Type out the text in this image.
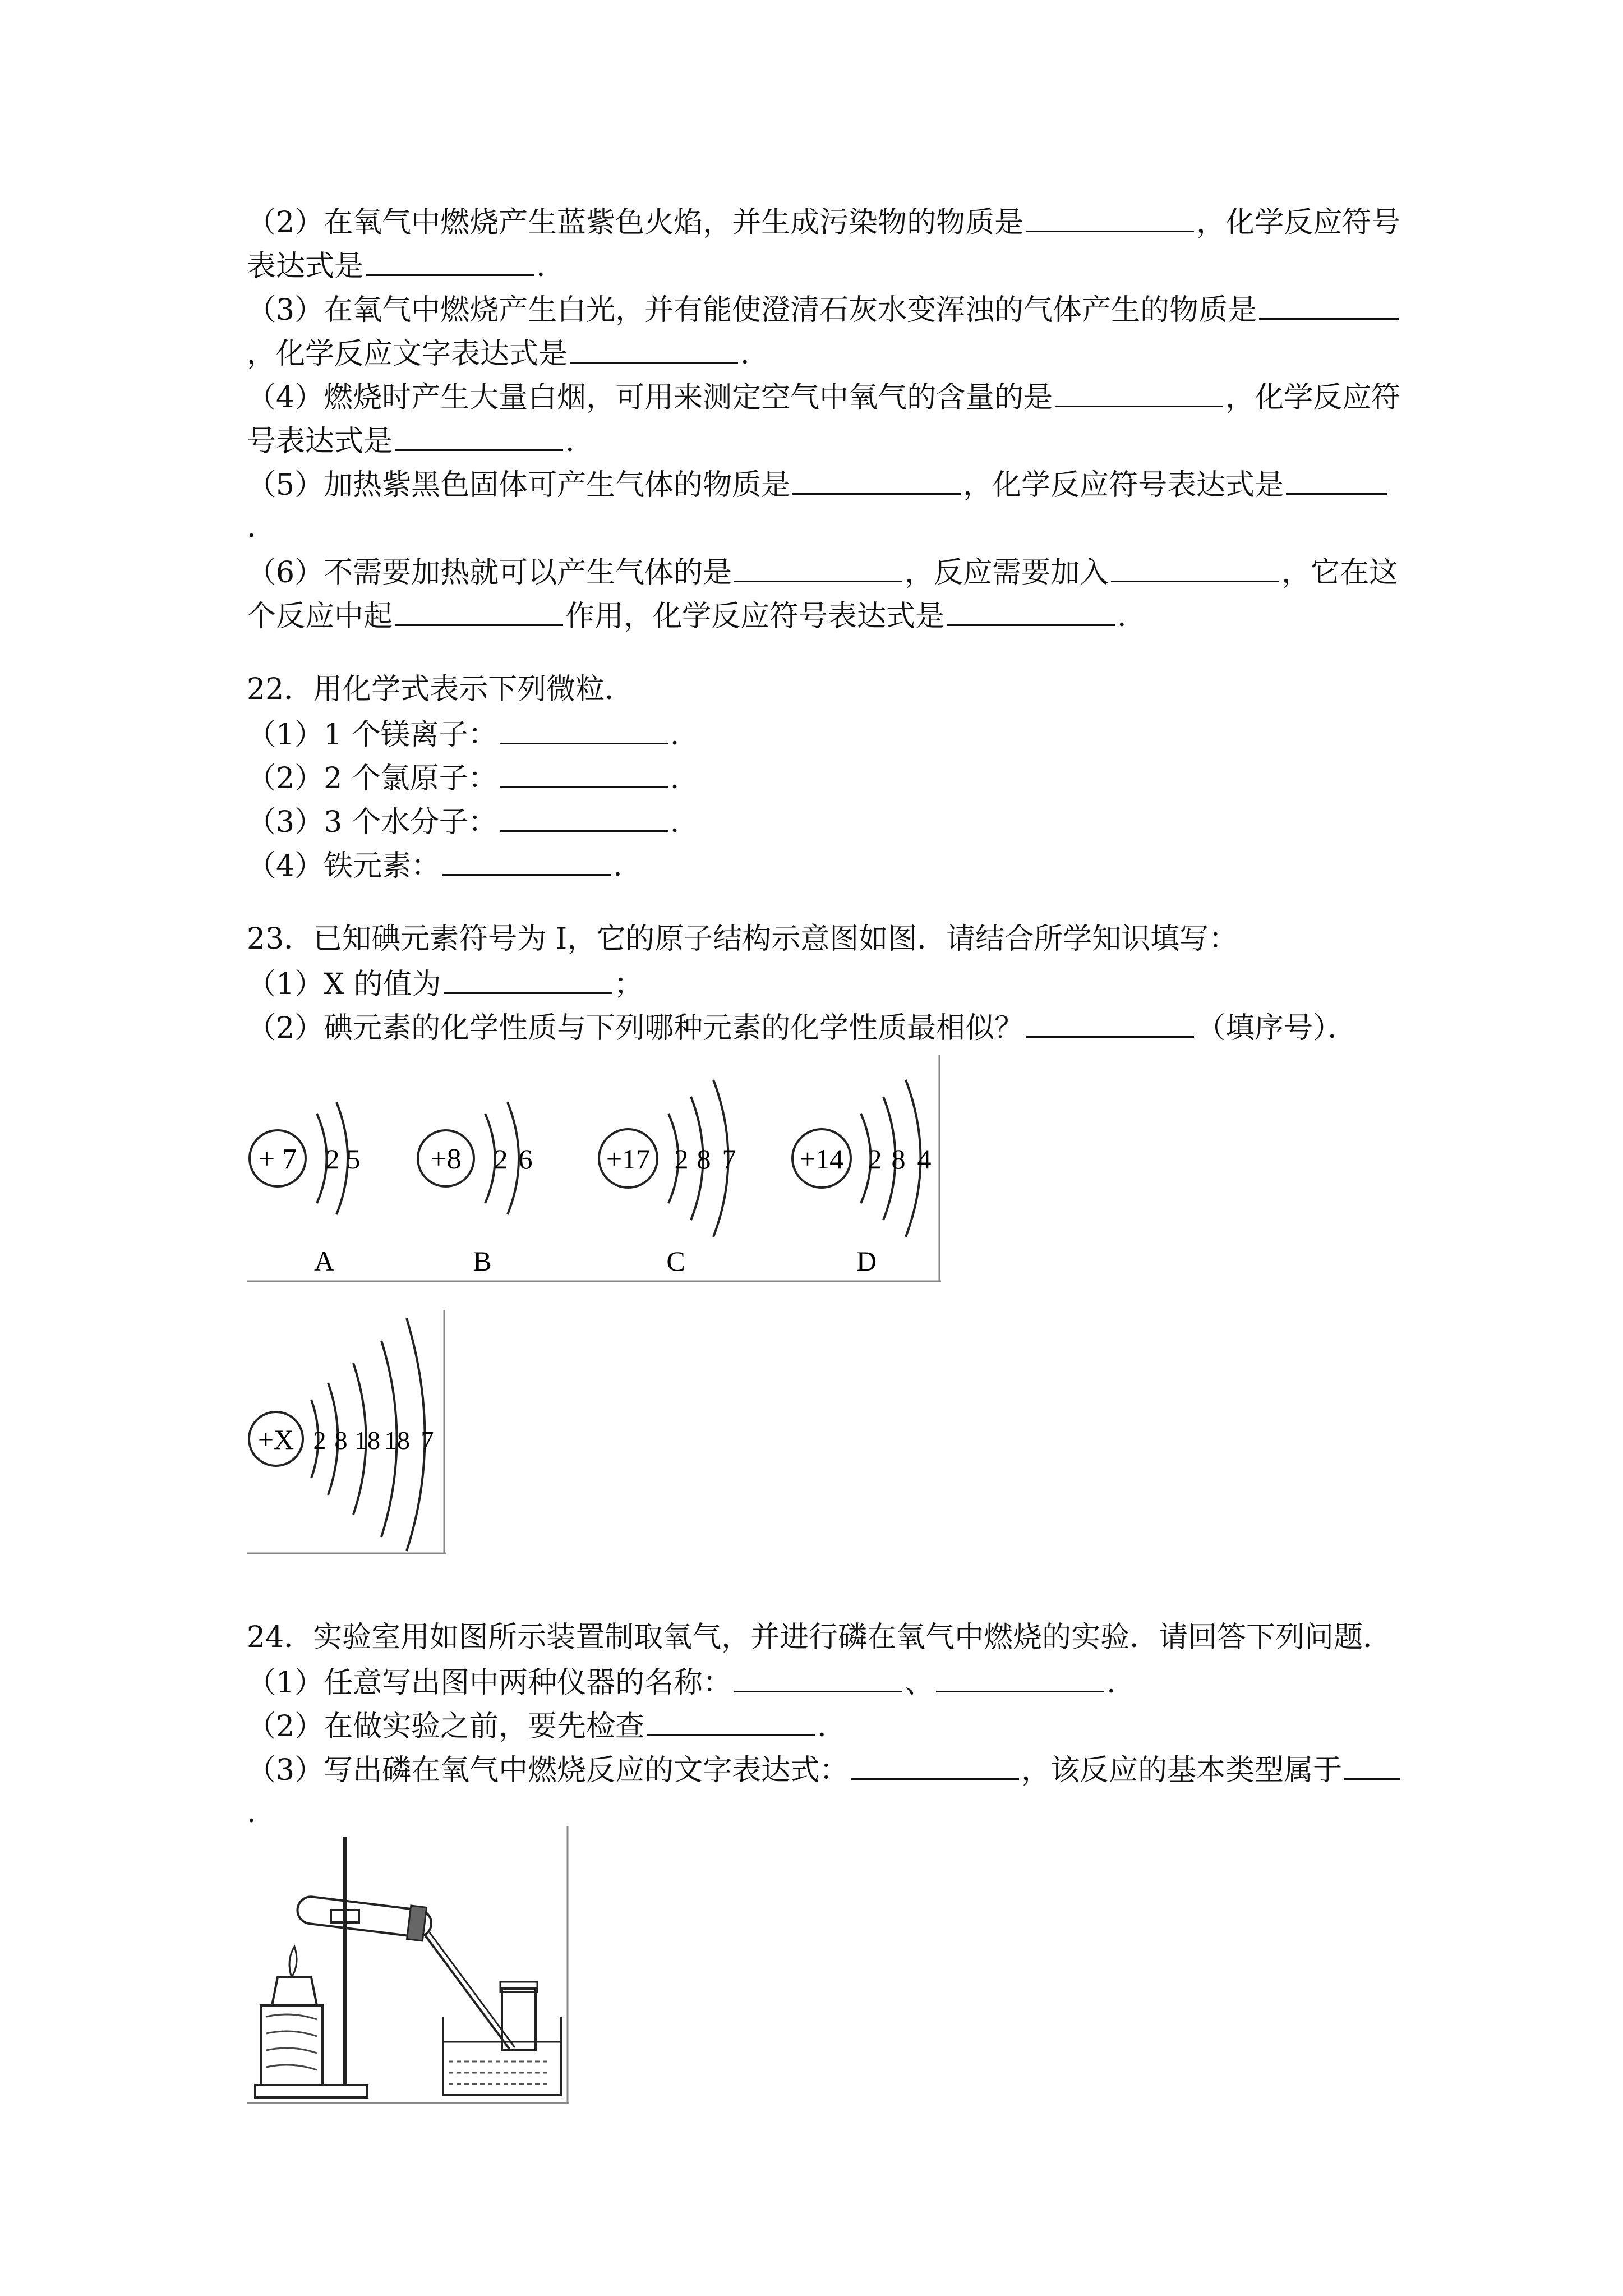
（2）在氧气中燃烧产生蓝紫色火焰，并生成污染物的物质是	，化学反应符号
表达式是	.
（3）在氧气中燃烧产生白光，并有能使澄清石灰水变浑浊的气体产生的物质是
，化学反应文字表达式是	.
（4）燃烧时产生大量白烟，可用来测定空气中氧气的含量的是	，化学反应符
号表达式是	.
（5）加热紫黑色固体可产生气体的物质是	，化学反应符号表达式是
.
（6）不需要加热就可以产生气体的是	，反应需要加入	，它在这
个反应中起	作用，化学反应符号表达式是	.
22．用化学式表示下列微粒．
（1）1 个镁离子：	.
（2）2 个氯原子：	.
（3）3 个水分子：	.
（4）铁元素：	.
23．已知碘元素符号为 I，它的原子结构示意图如图．请结合所学知识填写：
（1）X 的值为	；
（2）碘元素的化学性质与下列哪种元素的化学性质最相似？	（填序号）．
+ 7 2 5
A
+8 2 6
B
+17 2 8 7
C
+14 2 8 4
D
+X 2 8 18 18 7
24．实验室用如图所示装置制取氧气，并进行磷在氧气中燃烧的实验．请回答下列问题．
（1）任意写出图中两种仪器的名称：	、	.
（2）在做实验之前，要先检查	.
（3）写出磷在氧气中燃烧反应的文字表达式：	，该反应的基本类型属于
.
